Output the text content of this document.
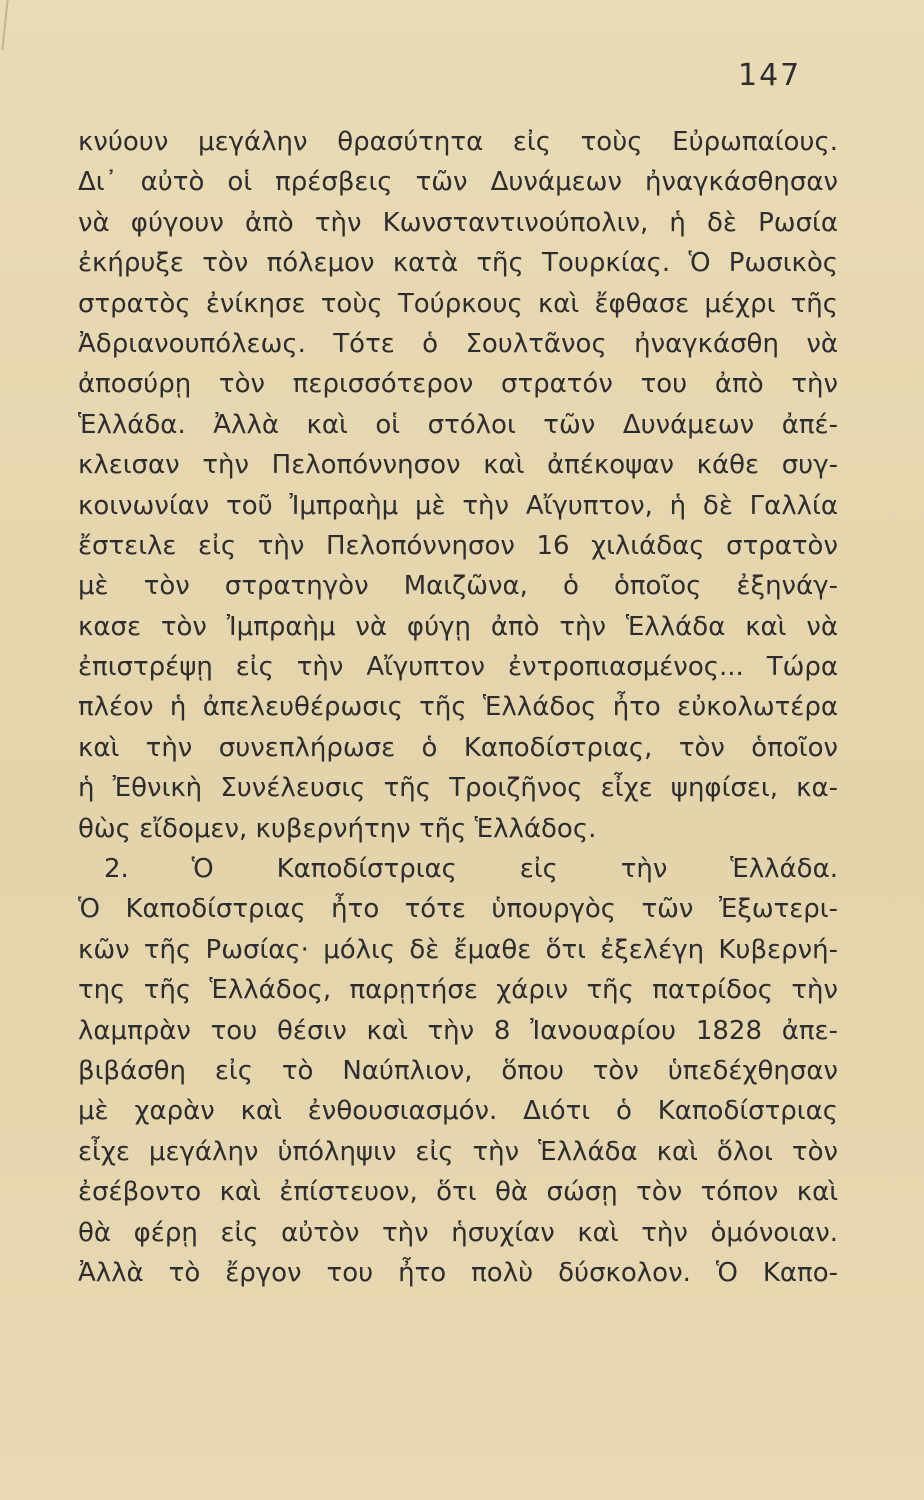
147
κνύουν μεγάλην θρασύτητα εἰς τοὺς Εὐρωπαίους.
Δι᾽ αὐτὸ οἱ πρέσβεις τῶν Δυνάμεων ἠναγκάσθησαν
νὰ φύγουν ἀπὸ τὴν Κωνσταντινούπολιν, ἡ δὲ Ρωσία
ἐκήρυξε τὸν πόλεμον κατὰ τῆς Τουρκίας. Ὁ Ρωσικὸς
στρατὸς ἐνίκησε τοὺς Τούρκους καὶ ἔφθασε μέχρι τῆς
Ἀδριανουπόλεως. Τότε ὁ Σουλτᾶνος ἠναγκάσθη νὰ
ἀποσύρῃ τὸν περισσότερον στρατόν του ἀπὸ τὴν
Ἑλλάδα. Ἀλλὰ καὶ οἱ στόλοι τῶν Δυνάμεων ἀπέ-
κλεισαν τὴν Πελοπόννησον καὶ ἀπέκοψαν κάθε συγ-
κοινωνίαν τοῦ Ἰμπραὴμ μὲ τὴν Αἴγυπτον, ἡ δὲ Γαλλία
ἔστειλε εἰς τὴν Πελοπόννησον 16 χιλιάδας στρατὸν
μὲ τὸν στρατηγὸν Μαιζῶνα, ὁ ὁποῖος ἐξηνάγ-
κασε τὸν Ἰμπραὴμ νὰ φύγῃ ἀπὸ τὴν Ἑλλάδα καὶ νὰ
ἐπιστρέψῃ εἰς τὴν Αἴγυπτον ἐντροπιασμένος... Τώρα
πλέον ἡ ἀπελευθέρωσις τῆς Ἑλλάδος ἦτο εὐκολωτέρα
καὶ τὴν συνεπλήρωσε ὁ Καποδίστριας, τὸν ὁποῖον
ἡ Ἐθνικὴ Συνέλευσις τῆς Τροιζῆνος εἶχε ψηφίσει, κα-
θὼς εἴδομεν, κυβερνήτην τῆς Ἑλλάδος.
2. Ὁ Καποδίστριας εἰς τὴν Ἑλλάδα.
Ὁ Καποδίστριας ἦτο τότε ὑπουργὸς τῶν Ἐξωτερι-
κῶν τῆς Ρωσίας· μόλις δὲ ἔμαθε ὅτι ἐξελέγη Κυβερνή-
της τῆς Ἑλλάδος, παρῃτήσε χάριν τῆς πατρίδος τὴν
λαμπρὰν του θέσιν καὶ τὴν 8 Ἰανουαρίου 1828 ἀπε-
βιβάσθη εἰς τὸ Ναύπλιον, ὅπου τὸν ὑπεδέχθησαν
μὲ χαρὰν καὶ ἐνθουσιασμόν. Διότι ὁ Καποδίστριας
εἶχε μεγάλην ὑπόληψιν εἰς τὴν Ἑλλάδα καὶ ὅλοι τὸν
ἐσέβοντο καὶ ἐπίστευον, ὅτι θὰ σώσῃ τὸν τόπον καὶ
θὰ φέρῃ εἰς αὐτὸν τὴν ἡσυχίαν καὶ τὴν ὁμόνοιαν.
Ἀλλὰ τὸ ἔργον του ἦτο πολὺ δύσκολον. Ὁ Καπο-
